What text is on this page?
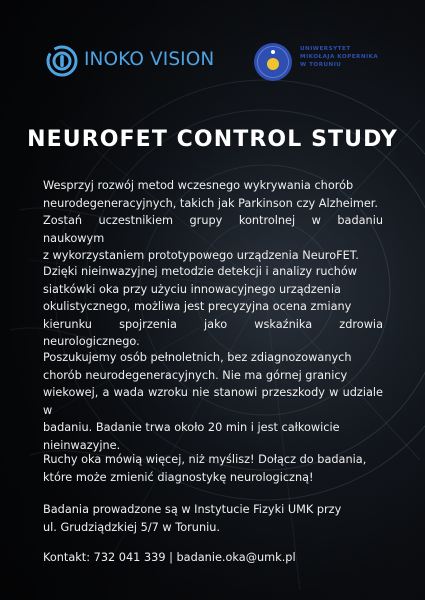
INOKO VISION	UNIWERSYTET
MIKOŁAJA KOPERNIKA
W TORUNIU
NEUROFET CONTROL STUDY
Wesprzyj rozwój metod wczesnego wykrywania chorób
neurodegeneracyjnych, takich jak Parkinson czy Alzheimer.
Zostań uczestnikiem grupy kontrolnej w badaniu naukowym
z wykorzystaniem prototypowego urządzenia NeuroFET.
Dzięki nieinwazyjnej metodzie detekcji i analizy ruchów
siatkówki oka przy użyciu innowacyjnego urządzenia
okulistycznego, możliwa jest precyzyjna ocena zmiany
kierunku spojrzenia jako wskaźnika zdrowia neurologicznego.
Poszukujemy osób pełnoletnich, bez zdiagnozowanych
chorób neurodegeneracyjnych. Nie ma górnej granicy
wiekowej, a wada wzroku nie stanowi przeszkody w udziale w
badaniu. Badanie trwa około 20 min i jest całkowicie
nieinwazyjne.
Ruchy oka mówią więcej, niż myślisz! Dołącz do badania,
które może zmienić diagnostykę neurologiczną!
Badania prowadzone są w Instytucie Fizyki UMK przy
ul. Grudziądzkiej 5/7 w Toruniu.
Kontakt: 732 041 339 | badanie.oka@umk.pl
